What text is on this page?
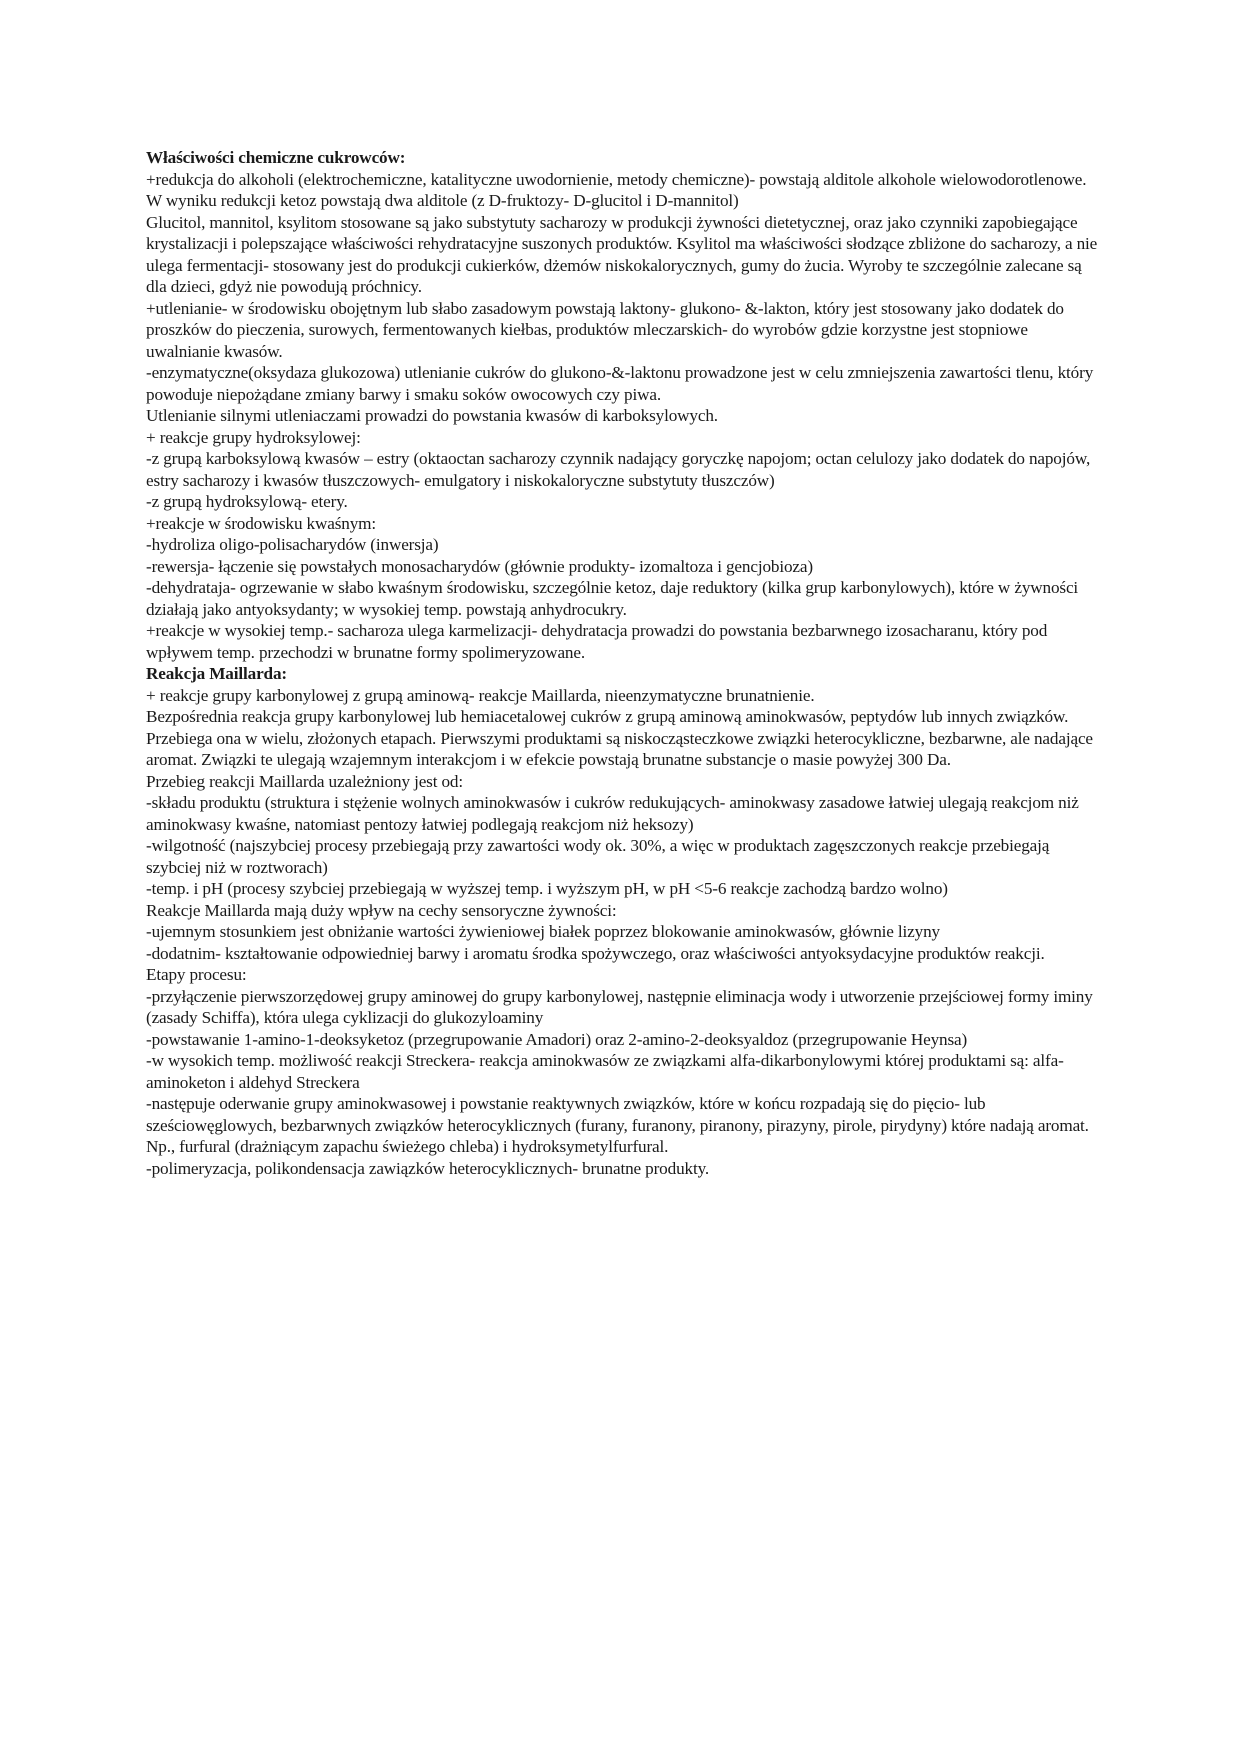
Właściwości chemiczne cukrowców:

+redukcja do alkoholi (elektrochemiczne, katalityczne uwodornienie, metody chemiczne)- powstają alditole alkohole wielowodorotlenowe.

W wyniku redukcji ketoz powstają dwa alditole (z D-fruktozy- D-glucitol i D-mannitol)

Glucitol, mannitol, ksylitom stosowane są jako substytuty sacharozy w produkcji żywności dietetycznej, oraz jako czynniki zapobiegające krystalizacji i polepszające właściwości rehydratacyjne suszonych produktów. Ksylitol ma właściwości słodzące zbliżone do sacharozy, a nie ulega fermentacji- stosowany jest do produkcji cukierków, dżemów niskokalorycznych, gumy do żucia. Wyroby te szczególnie zalecane są dla dzieci, gdyż nie powodują próchnicy.

+utlenianie- w środowisku obojętnym lub słabo zasadowym powstają laktony- glukono- &-lakton, który jest stosowany jako dodatek do proszków do pieczenia, surowych, fermentowanych kiełbas, produktów mleczarskich- do wyrobów gdzie korzystne jest stopniowe uwalnianie kwasów.

-enzymatyczne(oksydaza glukozowa) utlenianie cukrów do glukono-&-laktonu prowadzone jest w celu zmniejszenia zawartości tlenu, który powoduje niepożądane zmiany barwy i smaku soków owocowych czy piwa.

Utlenianie silnymi utleniaczami prowadzi do powstania kwasów di karboksylowych.

+ reakcje grupy hydroksylowej:

-z grupą karboksylową kwasów – estry (oktaoctan sacharozy czynnik nadający goryczkę napojom; octan celulozy jako dodatek do napojów, estry sacharozy i kwasów tłuszczowych- emulgatory i niskokaloryczne substytuty tłuszczów)

-z grupą hydroksylową- etery.

+reakcje w środowisku kwaśnym:

-hydroliza oligo-polisacharydów (inwersja)

-rewersja- łączenie się powstałych monosacharydów (głównie produkty- izomaltoza i gencjobioza)

-dehydrataja- ogrzewanie w słabo kwaśnym środowisku, szczególnie ketoz, daje reduktory (kilka grup karbonylowych), które w żywności działają jako antyoksydanty; w wysokiej temp. powstają anhydrocukry.

+reakcje w wysokiej temp.- sacharoza ulega karmelizacji- dehydratacja prowadzi do powstania bezbarwnego izosacharanu, który pod wpływem temp. przechodzi w brunatne formy spolimeryzowane.

Reakcja Maillarda:

+ reakcje grupy karbonylowej z grupą aminową- reakcje Maillarda, nieenzymatyczne brunatnienie.

Bezpośrednia reakcja grupy karbonylowej lub hemiacetalowej cukrów z grupą aminową aminokwasów, peptydów lub innych związków. Przebiega ona w wielu, złożonych etapach. Pierwszymi produktami są niskocząsteczkowe związki heterocykliczne, bezbarwne, ale nadające aromat. Związki te ulegają wzajemnym interakcjom i w efekcie powstają brunatne substancje o masie powyżej 300 Da.

Przebieg reakcji Maillarda uzależniony jest od:

-składu produktu (struktura i stężenie wolnych aminokwasów i cukrów redukujących- aminokwasy zasadowe łatwiej ulegają reakcjom niż aminokwasy kwaśne, natomiast pentozy łatwiej podlegają reakcjom niż heksozy)

-wilgotność (najszybciej procesy przebiegają przy zawartości wody ok. 30%, a więc w produktach zagęszczonych reakcje przebiegają szybciej niż w roztworach)

-temp. i pH (procesy szybciej przebiegają w wyższej temp. i wyższym pH, w pH <5-6 reakcje zachodzą bardzo wolno)

Reakcje Maillarda mają duży wpływ na cechy sensoryczne żywności:

-ujemnym stosunkiem jest obniżanie wartości żywieniowej białek poprzez blokowanie aminokwasów, głównie lizyny

-dodatnim- kształtowanie odpowiedniej barwy i aromatu środka spożywczego, oraz właściwości antyoksydacyjne produktów reakcji.

Etapy procesu:

-przyłączenie pierwszorzędowej grupy aminowej do grupy karbonylowej, następnie eliminacja wody i utworzenie przejściowej formy iminy (zasady Schiffa), która ulega cyklizacji do glukozyloaminy

-powstawanie 1-amino-1-deoksyketoz (przegrupowanie Amadori) oraz 2-amino-2-deoksyaldoz (przegrupowanie Heynsa)

-w wysokich temp. możliwość reakcji Streckera- reakcja aminokwasów ze związkami alfa-dikarbonylowymi której produktami są: alfa-aminoketon i aldehyd Streckera

-następuje oderwanie grupy aminokwasowej i powstanie reaktywnych związków, które w końcu rozpadają się do pięcio- lub sześciowęglowych, bezbarwnych związków heterocyklicznych (furany, furanony, piranony, pirazyny, pirole, pirydyny) które nadają aromat. Np., furfural (drażniącym zapachu świeżego chleba) i hydroksymetylfurfural.

-polimeryzacja, polikondensacja zawiązków heterocyklicznych- brunatne produkty.
